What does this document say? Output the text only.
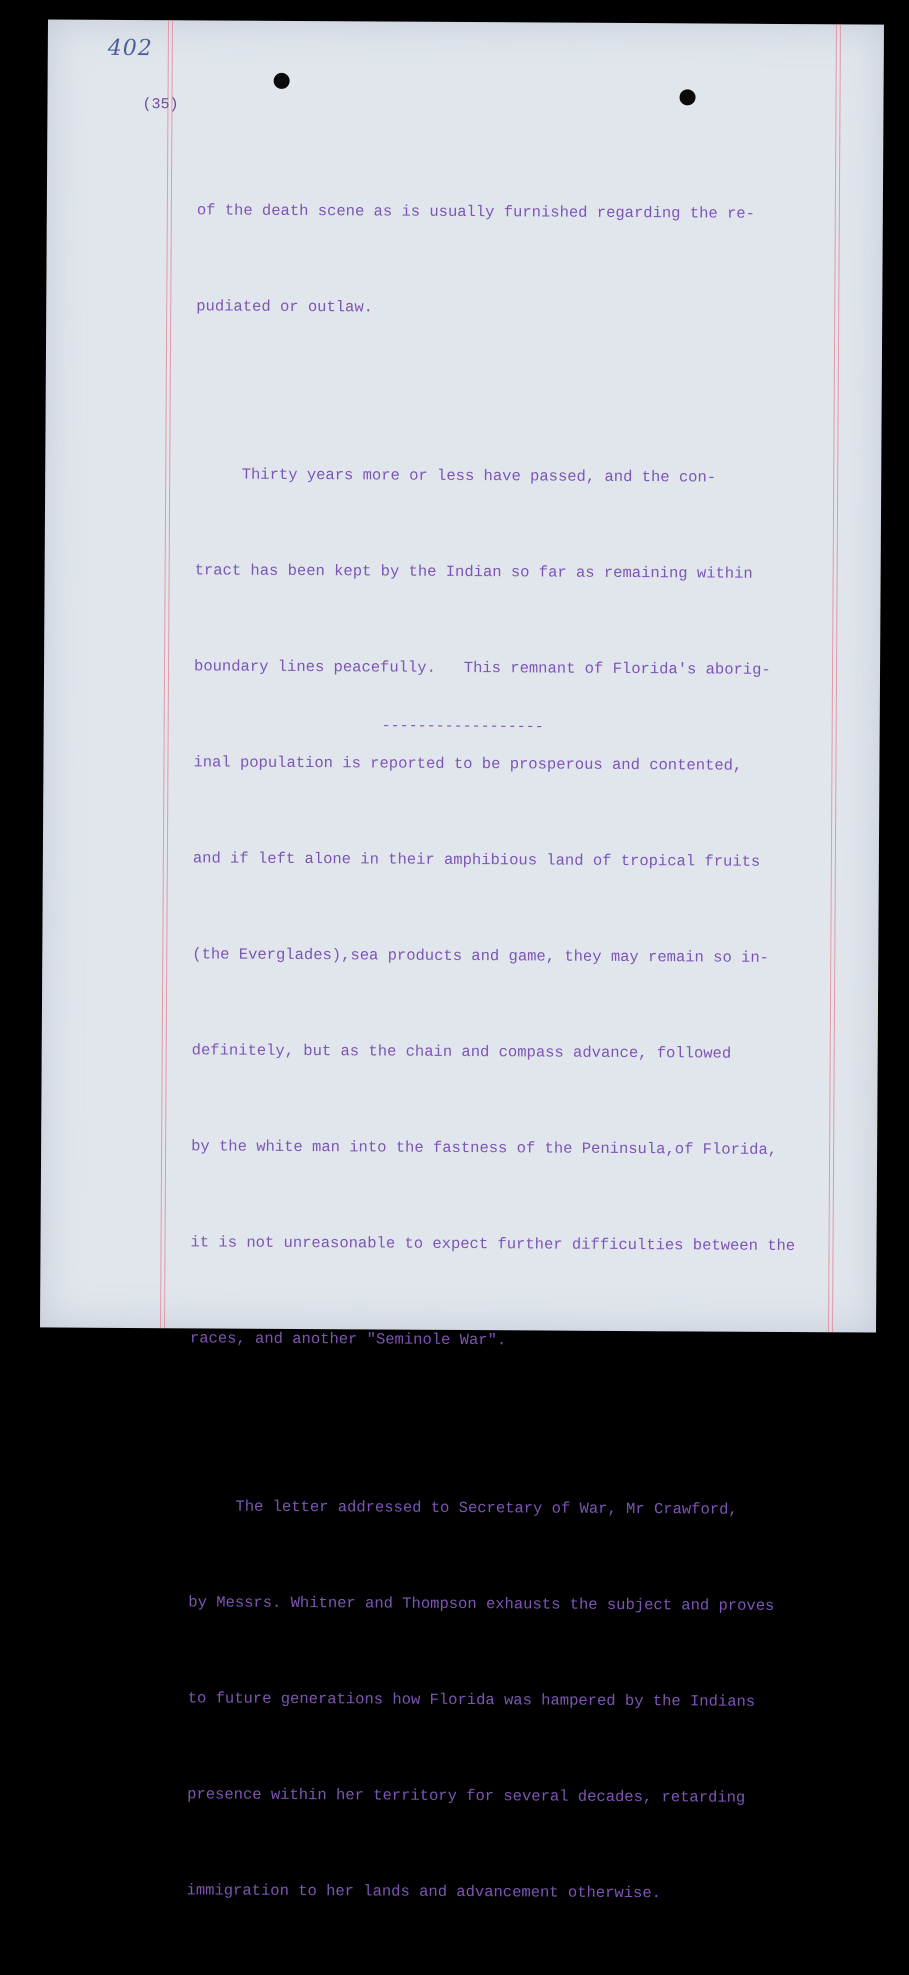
402
(35)

of the death scene as is usually furnished regarding the re-

pudiated or outlaw.

Thirty years more or less have passed, and the con-

tract has been kept by the Indian so far as remaining within

boundary lines peacefully.   This remnant of Florida's aborig-

inal population is reported to be prosperous and contented,

and if left alone in their amphibious land of tropical fruits

(the Everglades),sea products and game, they may remain so in-

definitely, but as the chain and compass advance, followed

by the white man into the fastness of the Peninsula,of Florida,

it is not unreasonable to expect further difficulties between the

races, and another "Seminole War".

The letter addressed to Secretary of War, Mr Crawford,

by Messrs. Whitner and Thompson exhausts the subject and proves

to future generations how Florida was hampered by the Indians

presence within her territory for several decades, retarding

immigration to her lands and advancement otherwise.

------------------
